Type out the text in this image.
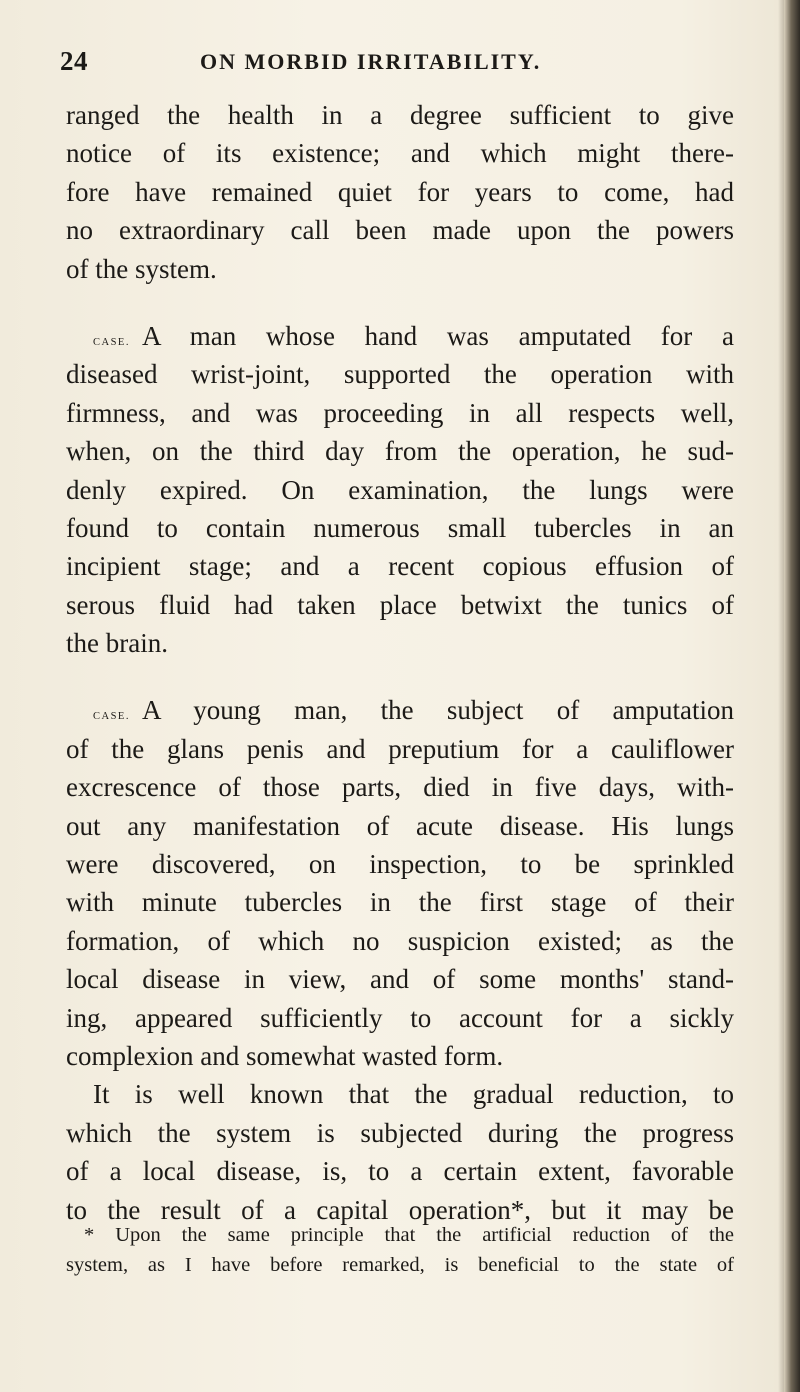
24	ON MORBID IRRITABILITY.
ranged the health in a degree sufficient to give
notice of its existence; and which might there-
fore have remained quiet for years to come, had
no extraordinary call been made upon the powers
of the system.
CASE. A man whose hand was amputated for a
diseased wrist-joint, supported the operation with
firmness, and was proceeding in all respects well,
when, on the third day from the operation, he sud-
denly expired. On examination, the lungs were
found to contain numerous small tubercles in an
incipient stage; and a recent copious effusion of
serous fluid had taken place betwixt the tunics of
the brain.
CASE. A young man, the subject of amputation
of the glans penis and preputium for a cauliflower
excrescence of those parts, died in five days, with-
out any manifestation of acute disease. His lungs
were discovered, on inspection, to be sprinkled
with minute tubercles in the first stage of their
formation, of which no suspicion existed; as the
local disease in view, and of some months' stand-
ing, appeared sufficiently to account for a sickly
complexion and somewhat wasted form.
It is well known that the gradual reduction, to
which the system is subjected during the progress
of a local disease, is, to a certain extent, favorable
to the result of a capital operation*, but it may be
* Upon the same principle that the artificial reduction of the
system, as I have before remarked, is beneficial to the state of
